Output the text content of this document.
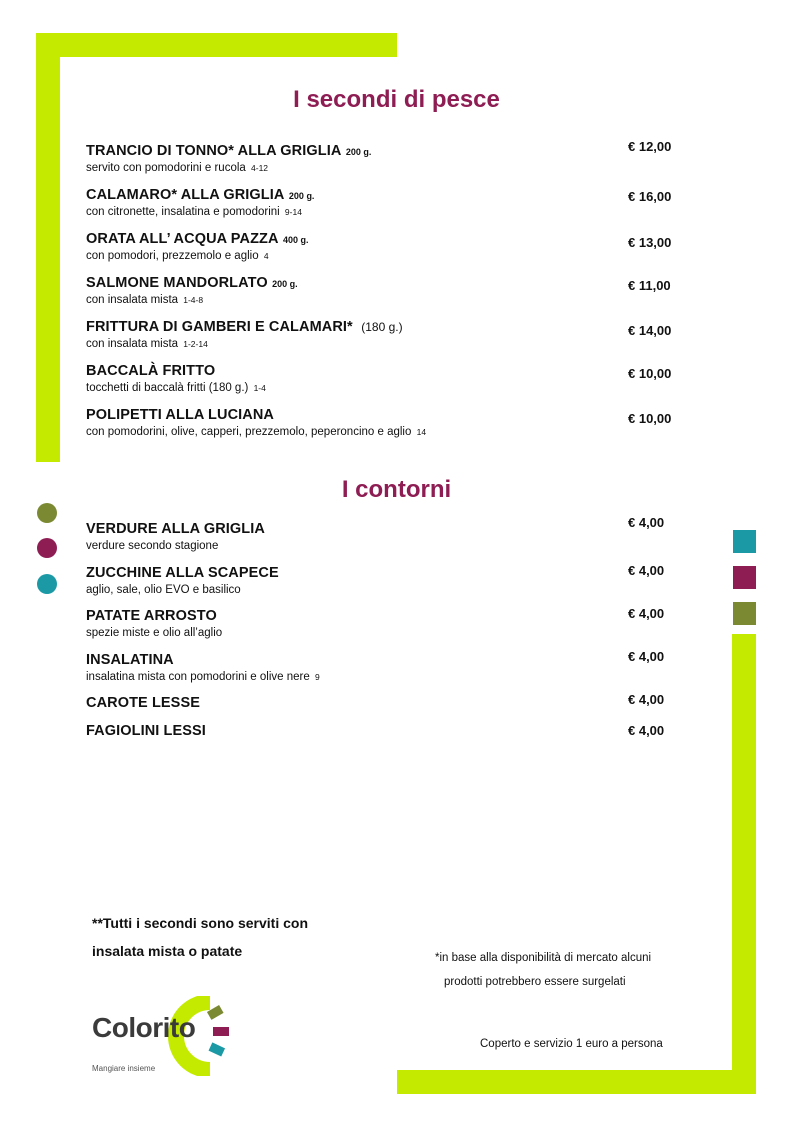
I secondi di pesce
TRANCIO DI TONNO* ALLA GRIGLIA 200 g.
servito con pomodorini e rucola 4-12
€ 12,00
CALAMARO* ALLA GRIGLIA 200 g.
con citronette, insalatina e pomodorini 9-14
€ 16,00
ORATA ALL’ ACQUA PAZZA 400 g.
con pomodori, prezzemolo e aglio 4
€ 13,00
SALMONE MANDORLATO 200 g.
con insalata mista 1-4-8
€ 11,00
FRITTURA DI GAMBERI E CALAMARI* (180 g.)
con insalata mista 1-2-14
€ 14,00
BACCALÀ FRITTO
tocchetti di baccalà fritti (180 g.) 1-4
€ 10,00
POLIPETTI ALLA LUCIANA
con pomodorini, olive, capperi, prezzemolo, peperoncino e aglio 14
€ 10,00
I contorni
VERDURE ALLA GRIGLIA
verdure secondo stagione
€ 4,00
ZUCCHINE ALLA SCAPECE
aglio, sale, olio EVO e basilico
€ 4,00
PATATE ARROSTO
spezie miste e olio all’aglio
€ 4,00
INSALATINA
insalatina mista con pomodorini e olive nere 9
€ 4,00
CAROTE LESSE	€ 4,00
FAGIOLINI LESSI	€ 4,00
**Tutti i secondi sono serviti con
insalata mista o patate	*in base alla disponibilità di mercato alcuni
prodotti potrebbero essere surgelati
Coperto e servizio 1 euro a persona
Colorito
Mangiare insieme
